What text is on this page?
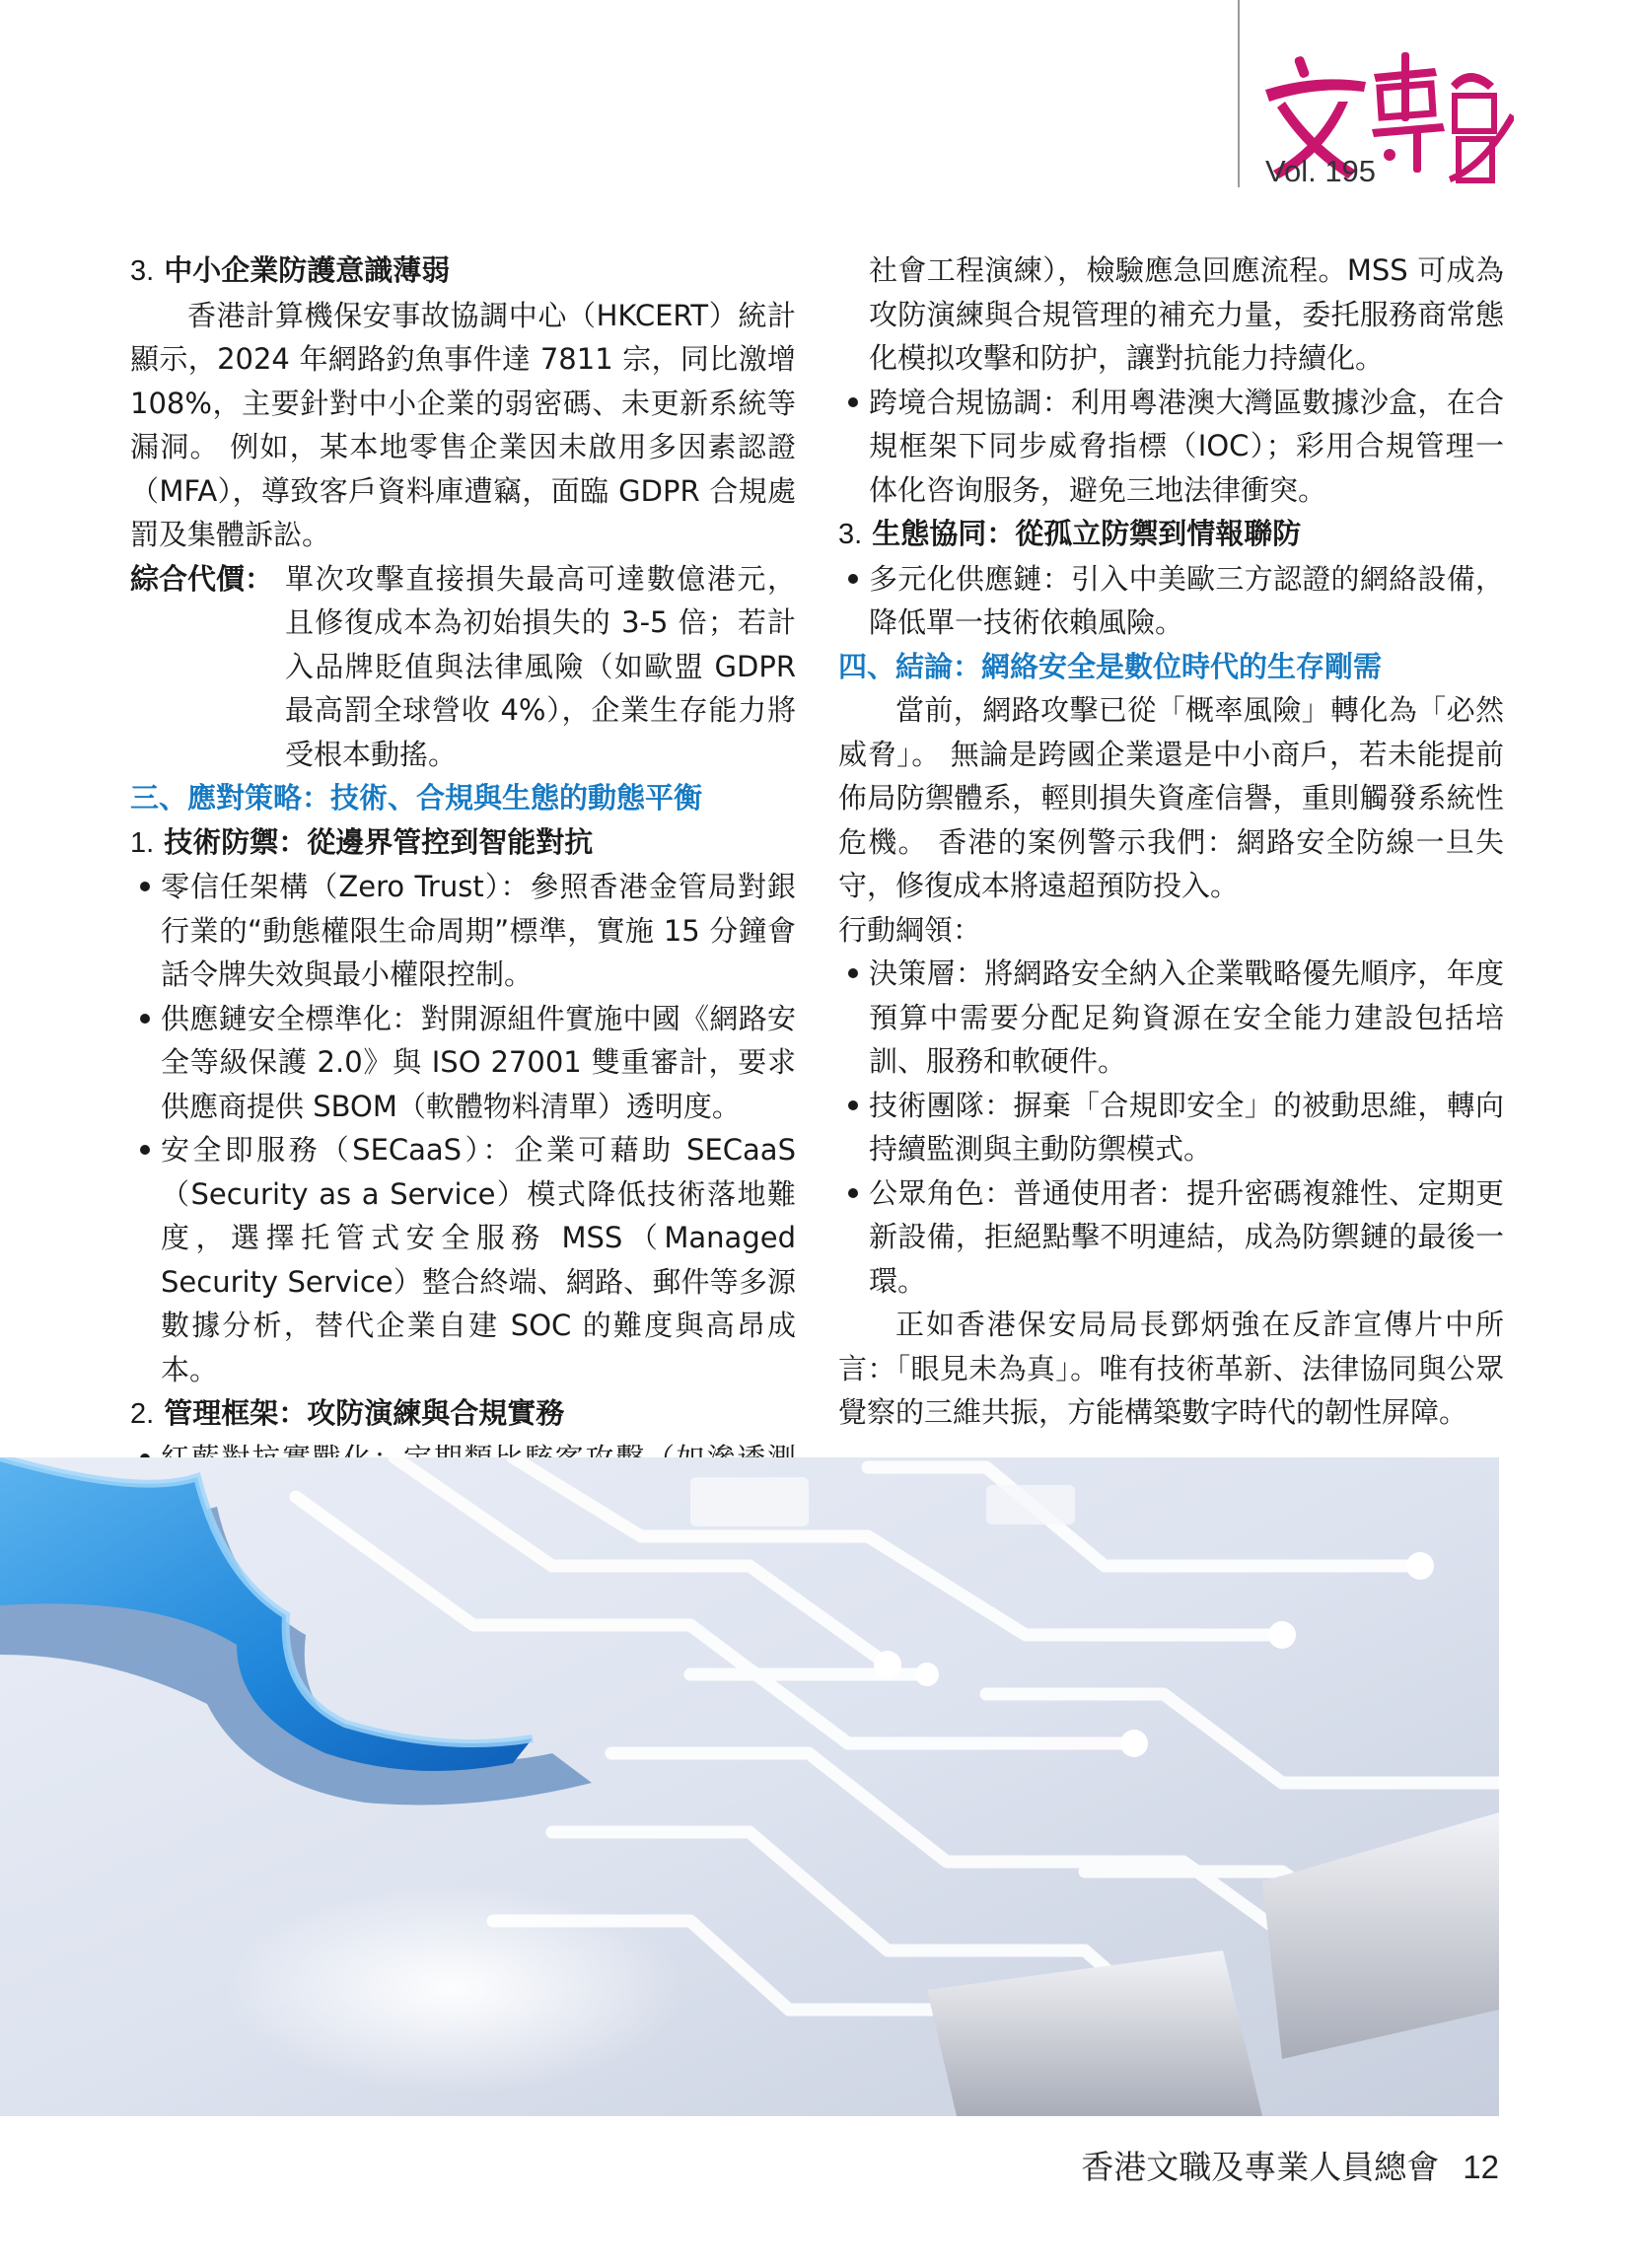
Vol. 195

3. 中小企業防護意識薄弱

香港計算機保安事故協調中心（HKCERT）統計顯示，2024 年網路釣魚事件達 7811 宗，同比激增 108%，主要針對中小企業的弱密碼、未更新系統等漏洞。 例如，某本地零售企業因未啟用多因素認證（MFA），導致客戶資料庫遭竊，面臨 GDPR 合規處罰及集體訴訟。

綜合代價： 單次攻擊直接損失最高可達數億港元，且修復成本為初始損失的 3-5 倍；若計入品牌貶值與法律風險（如歐盟 GDPR 最高罰全球營收 4%），企業生存能力將受根本動搖。

三、應對策略：技術、合規與生態的動態平衡

1. 技術防禦：從邊界管控到智能對抗

零信任架構（Zero Trust）：參照香港金管局對銀行業的“動態權限生命周期”標準，實施 15 分鐘會話令牌失效與最小權限控制。

供應鏈安全標準化：對開源組件實施中國《網路安全等級保護 2.0》與 ISO 27001 雙重審計，要求供應商提供 SBOM（軟體物料清單）透明度。

安全即服務（SECaaS）：企業可藉助 SECaaS（Security as a Service）模式降低技術落地難度，選擇托管式安全服務 MSS（Managed Security Service）整合終端、網路、郵件等多源數據分析，替代企業自建 SOC 的難度與高昂成本。

2. 管理框架：攻防演練與合規實務

社會工程演練），檢驗應急回應流程。MSS 可成為攻防演練與合規管理的補充力量，委托服務商常態化模拟攻擊和防护，讓對抗能力持續化。

跨境合規協調：利用粵港澳大灣區數據沙盒，在合規框架下同步威脅指標（IOC）；彩用合規管理一体化咨询服务，避免三地法律衝突。

3. 生態協同：從孤立防禦到情報聯防

多元化供應鏈：引入中美歐三方認證的網絡設備，降低單一技術依賴風險。

四、結論：網絡安全是數位時代的生存剛需

當前，網路攻擊已從「概率風險」轉化為「必然威脅」。 無論是跨國企業還是中小商戶，若未能提前佈局防禦體系，輕則損失資產信譽，重則觸發系統性危機。 香港的案例警示我們：網路安全防線一旦失守，修復成本將遠超預防投入。

行動綱領：

決策層：將網路安全納入企業戰略優先順序，年度預算中需要分配足夠資源在安全能力建設包括培訓、服務和軟硬件。

技術團隊：摒棄「合規即安全」的被動思維，轉向持續監測與主動防禦模式。

公眾角色：普通使用者：提升密碼複雜性、定期更新設備，拒絕點擊不明連結，成為防禦鏈的最後一環。

正如香港保安局局長鄧炳強在反詐宣傳片中所言：「眼見未為真」。唯有技術革新、法律協同與公眾覺察的三維共振，方能構築數字時代的韌性屏障。

香港文職及專業人員總會 12
